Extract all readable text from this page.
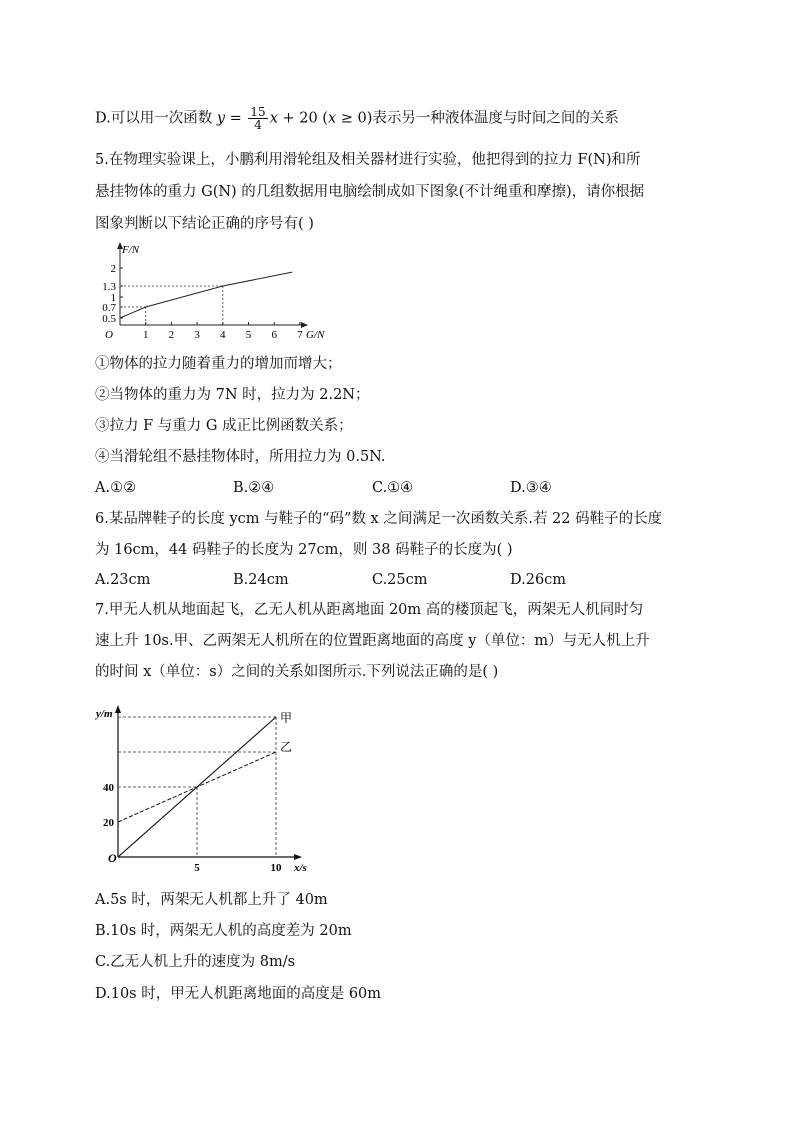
D.可以用一次函数 $y = \frac{15}{4}$ x + 20 (x ≥ 0)表示另一种液体温度与时间之间的关系
5.在物理实验课上，小鹏利用滑轮组及相关器材进行实验，他把得到的拉力 F(N)和所
悬挂物体的重力 G(N) 的几组数据用电脑绘制成如下图象(不计绳重和摩擦)，请你根据
图象判断以下结论正确的序号有( )
F/N
G/N
O	1 2 3 4 5 6 7
0.5
0.7
1
1.3
2
①物体的拉力随着重力的增加而增大；
②当物体的重力为 7N 时，拉力为 2.2N；
③拉力 F 与重力 G 成正比例函数关系；
④当滑轮组不悬挂物体时，所用拉力为 0.5N.
A.①②	B.②④	C.①④	D.③④
6.某品牌鞋子的长度 ycm 与鞋子的“码”数 x 之间满足一次函数关系.若 22 码鞋子的长度
为 16cm，44 码鞋子的长度为 27cm，则 38 码鞋子的长度为( )
A.23cm	B.24cm	C.25cm	D.26cm
7.甲无人机从地面起飞，乙无人机从距离地面 20m 高的楼顶起飞，两架无人机同时匀
速上升 10s.甲、乙两架无人机所在的位置距离地面的高度 y（单位：m）与无人机上升
的时间 x（单位：s）之间的关系如图所示.下列说法正确的是( )
y/m
x/s
O
5	10
20
40
甲
乙
A.5s 时，两架无人机都上升了 40m
B.10s 时，两架无人机的高度差为 20m
C.乙无人机上升的速度为 8m/s
D.10s 时，甲无人机距离地面的高度是 60m
